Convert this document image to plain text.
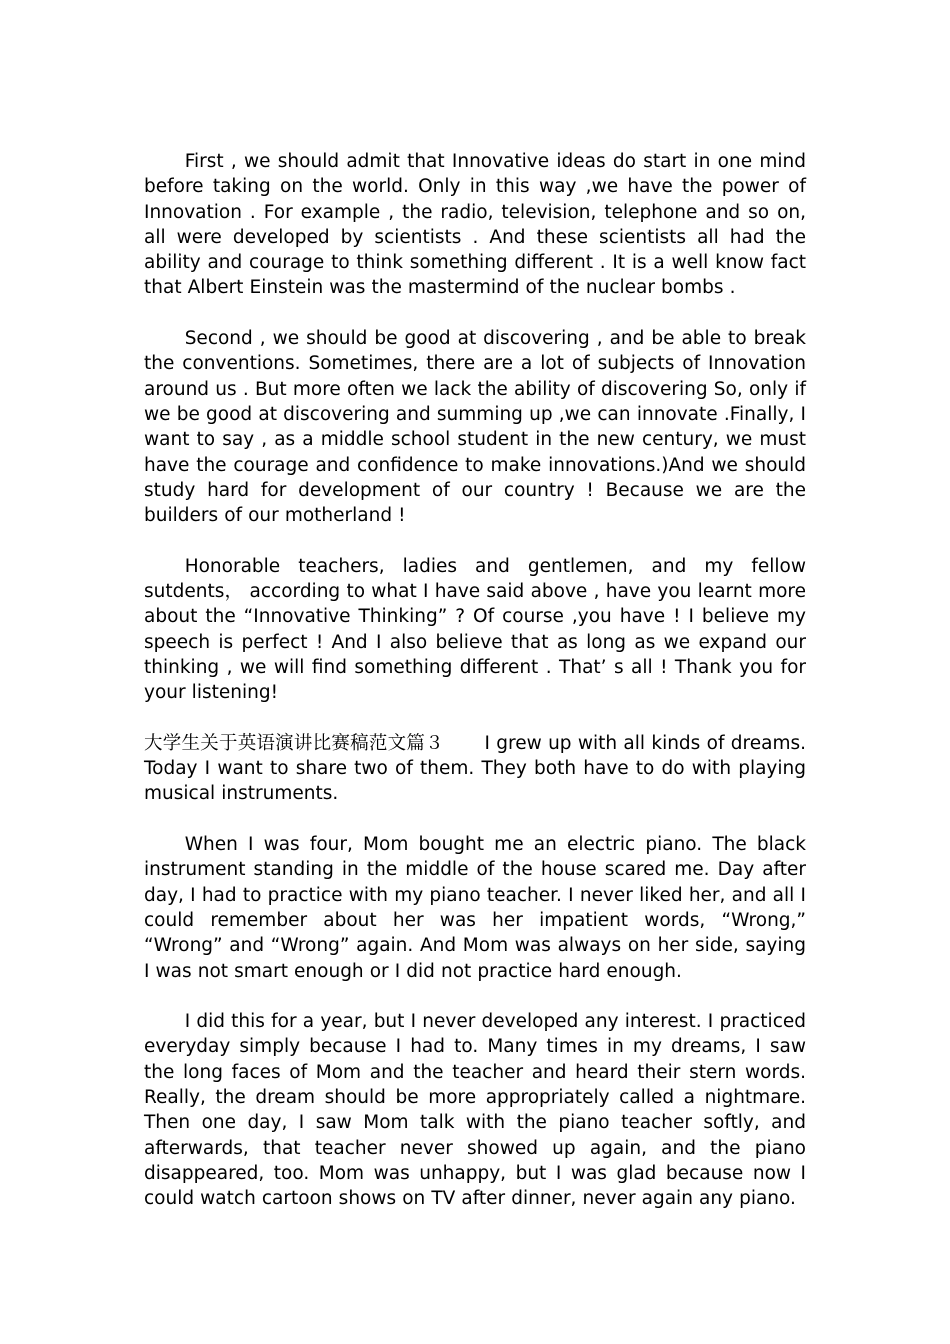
First , we should admit that Innovative ideas do start in one mind before taking on the world. Only in this way ,we have the power of Innovation . For example , the radio, television, telephone and so on, all were developed by scientists . And these scientists all had the ability and courage to think something different . It is a well know fact that Albert Einstein was the mastermind of the nuclear bombs .

Second , we should be good at discovering , and be able to break the conventions. Sometimes, there are a lot of subjects of Innovation around us . But more often we lack the ability of discovering So, only if we be good at discovering and summing up ,we can innovate .Finally, I want to say , as a middle school student in the new century, we must have the courage and confidence to make innovations.)And we should study hard for development of our country ! Because we are the builders of our motherland !

Honorable teachers, ladies and gentlemen, and my fellow sutdents， according to what I have said above , have you learnt more about the “Innovative Thinking” ? Of course ,you have ! I believe my speech is perfect ! And I also believe that as long as we expand our thinking , we will find something different . That’ s all ! Thank you for your listening!

大学生关于英语演讲比赛稿范文篇３ I grew up with all kinds of dreams. Today I want to share two of them. They both have to do with playing musical instruments.

When I was four, Mom bought me an electric piano. The black instrument standing in the middle of the house scared me. Day after day, I had to practice with my piano teacher. I never liked her, and all I could remember about her was her impatient words, “Wrong,” “Wrong” and “Wrong” again. And Mom was always on her side, saying I was not smart enough or I did not practice hard enough.

I did this for a year, but I never developed any interest. I practiced everyday simply because I had to. Many times in my dreams, I saw the long faces of Mom and the teacher and heard their stern words. Really, the dream should be more appropriately called a nightmare. Then one day, I saw Mom talk with the piano teacher softly, and afterwards, that teacher never showed up again, and the piano disappeared, too. Mom was unhappy, but I was glad because now I could watch cartoon shows on TV after dinner, never again any piano.
